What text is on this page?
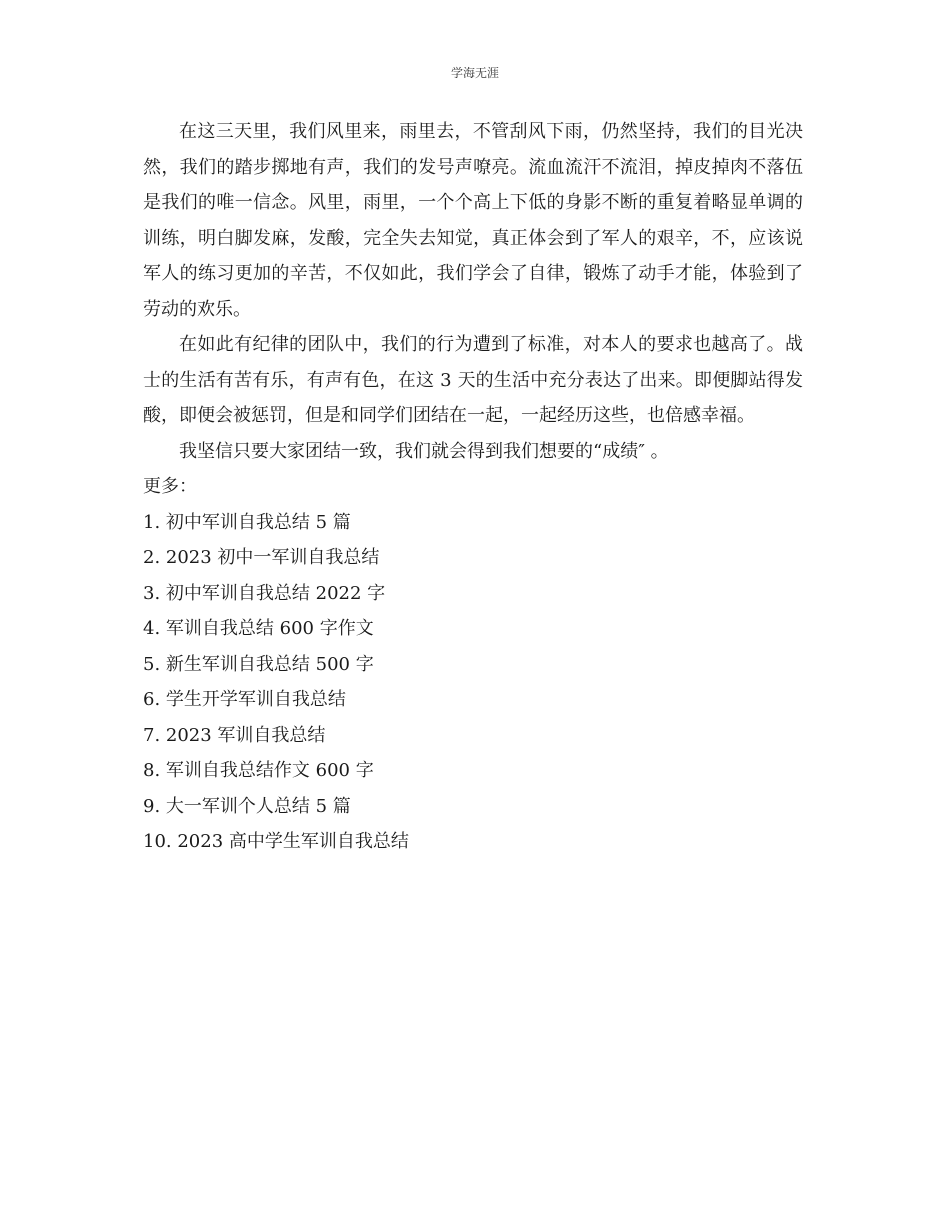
学海无涯

在这三天里，我们风里来，雨里去，不管刮风下雨，仍然坚持，我们的目光决然，我们的踏步掷地有声，我们的发号声嘹亮。流血流汗不流泪，掉皮掉肉不落伍是我们的唯一信念。风里，雨里，一个个高上下低的身影不断的重复着略显单调的训练，明白脚发麻，发酸，完全失去知觉，真正体会到了军人的艰辛，不，应该说军人的练习更加的辛苦，不仅如此，我们学会了自律，锻炼了动手才能，体验到了劳动的欢乐。

在如此有纪律的团队中，我们的行为遭到了标准，对本人的要求也越高了。战士的生活有苦有乐，有声有色，在这 3 天的生活中充分表达了出来。即便脚站得发酸，即便会被惩罚，但是和同学们团结在一起，一起经历这些，也倍感幸福。

我坚信只要大家团结一致，我们就会得到我们想要的“成绩″ 。

更多：

1. 初中军训自我总结 5 篇
2. 2023 初中一军训自我总结
3. 初中军训自我总结 2022 字
4. 军训自我总结 600 字作文
5. 新生军训自我总结 500 字
6. 学生开学军训自我总结
7. 2023 军训自我总结
8. 军训自我总结作文 600 字
9. 大一军训个人总结 5 篇
10. 2023 高中学生军训自我总结
